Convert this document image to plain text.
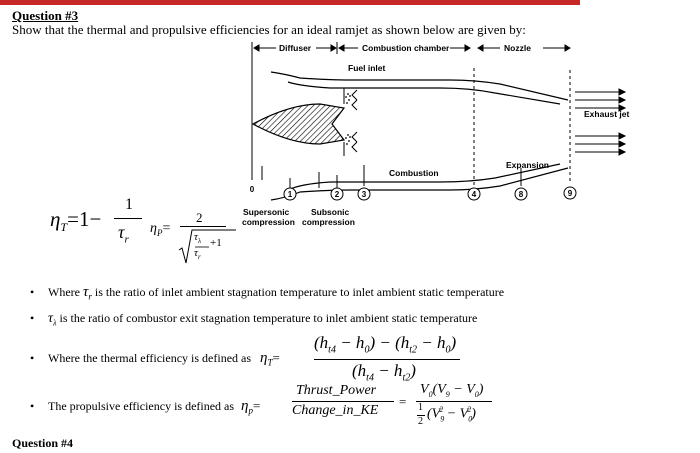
Question #3
Show that the thermal and propulsive efficiencies for an ideal ramjet as shown below are given by:
0
1	2	3	4	8	9
Diffuser	Combustion chamber	Nozzle
Fuel inlet
Exhaust jet
Combustion
Expansion
Supersonic
compression
Subsonic
compression
$\eta_T=1-$
1
$\tau_r$
$\eta_P=$
2
$\tau_\lambda +1$
$\tau_r$
• Where $\tau_r$ is the ratio of inlet ambient stagnation temperature to inlet ambient static temperature
• $\tau_\lambda$ is the ratio of combustor exit stagnation temperature to inlet ambient static temperature
• Where the thermal efficiency is defined as $\eta_T=$
$(h_{t4} - h_0) - (h_{t2} - h_0)$
$(h_{t4} - h_{t2})$
• The propulsive efficiency is defined as $\eta_p=$
Thrust_Power
Change_in_KE
=
$V_0(V_9 - V_0)$
1
2 $(V_9^2 - V_0^2)$
Question #4
